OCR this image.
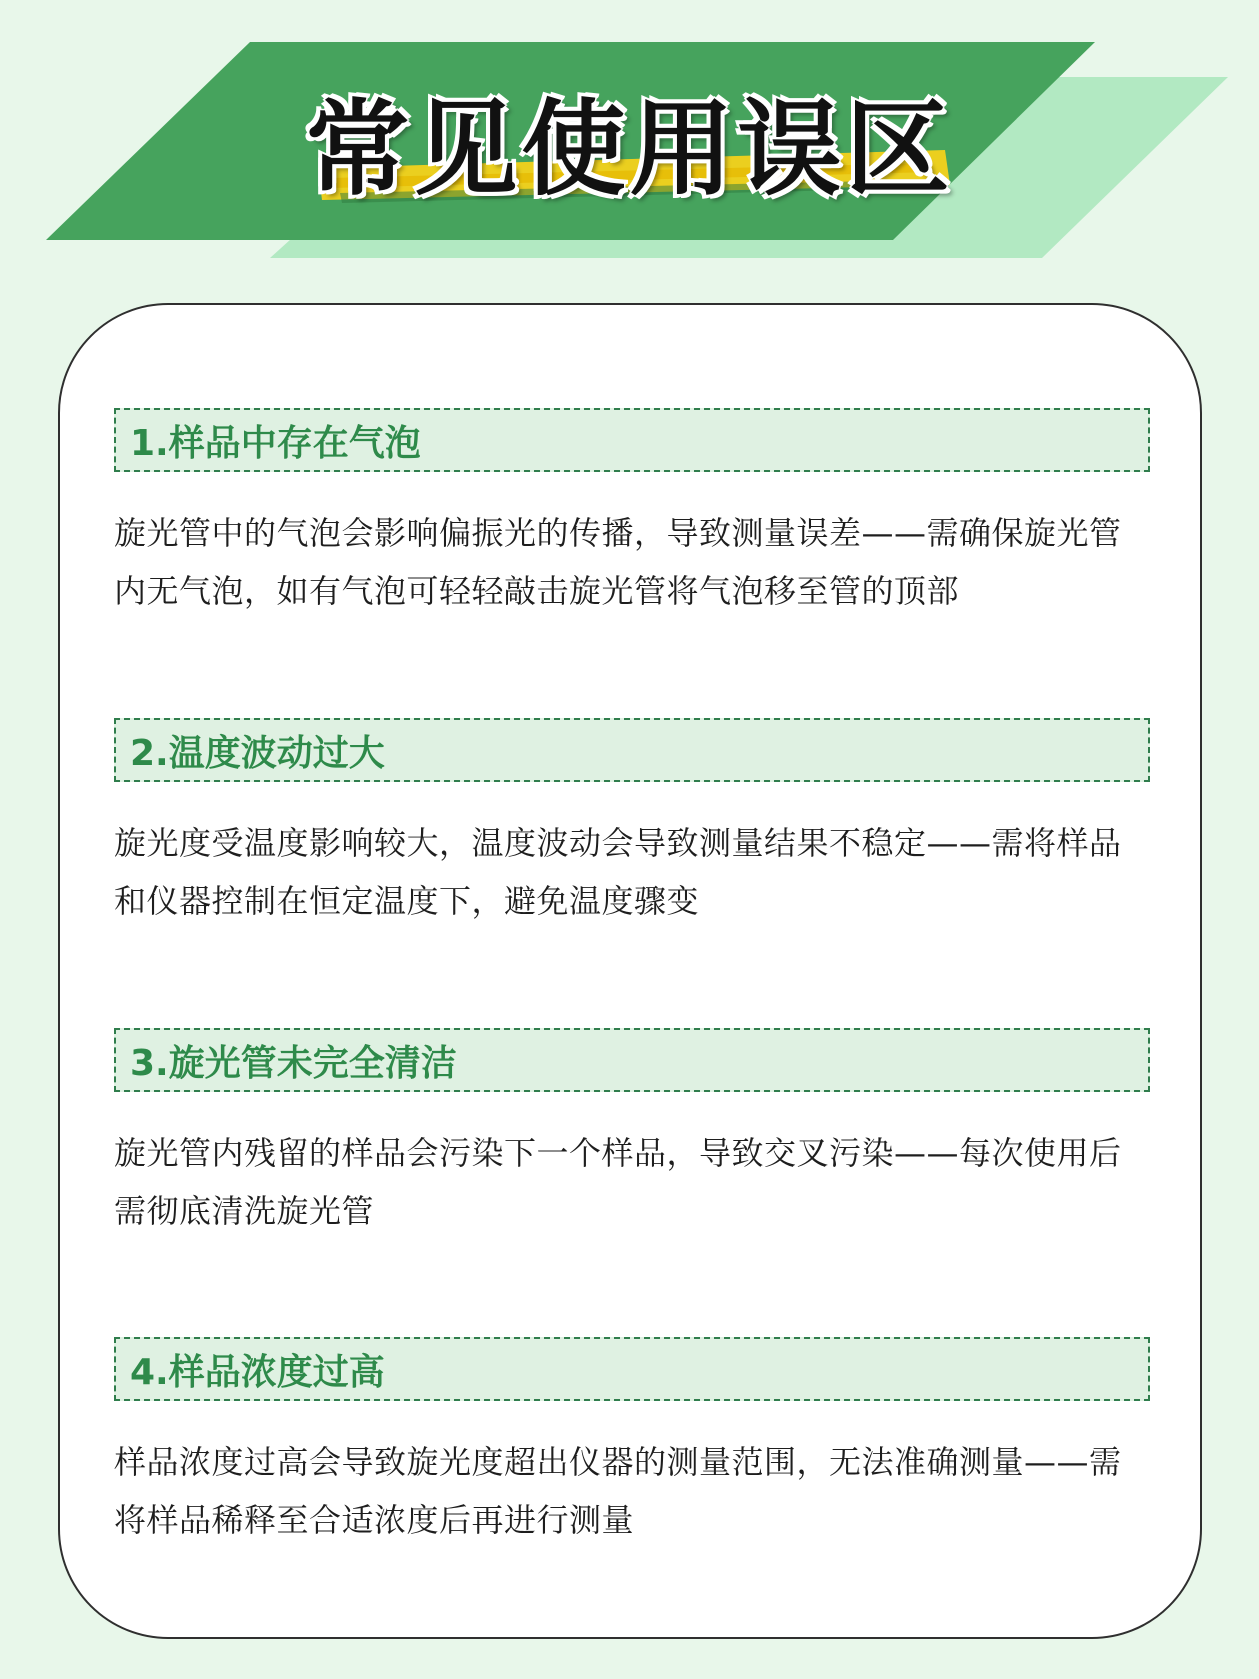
常见使用误区
1.样品中存在气泡
旋光管中的气泡会影响偏振光的传播，导致测量误差——需确保旋光管内无气泡，如有气泡可轻轻敲击旋光管将气泡移至管的顶部
2.温度波动过大
旋光度受温度影响较大，温度波动会导致测量结果不稳定——需将样品和仪器控制在恒定温度下，避免温度骤变
3.旋光管未完全清洁
旋光管内残留的样品会污染下一个样品，导致交叉污染——每次使用后需彻底清洗旋光管
4.样品浓度过高
样品浓度过高会导致旋光度超出仪器的测量范围，无法准确测量——需将样品稀释至合适浓度后再进行测量
